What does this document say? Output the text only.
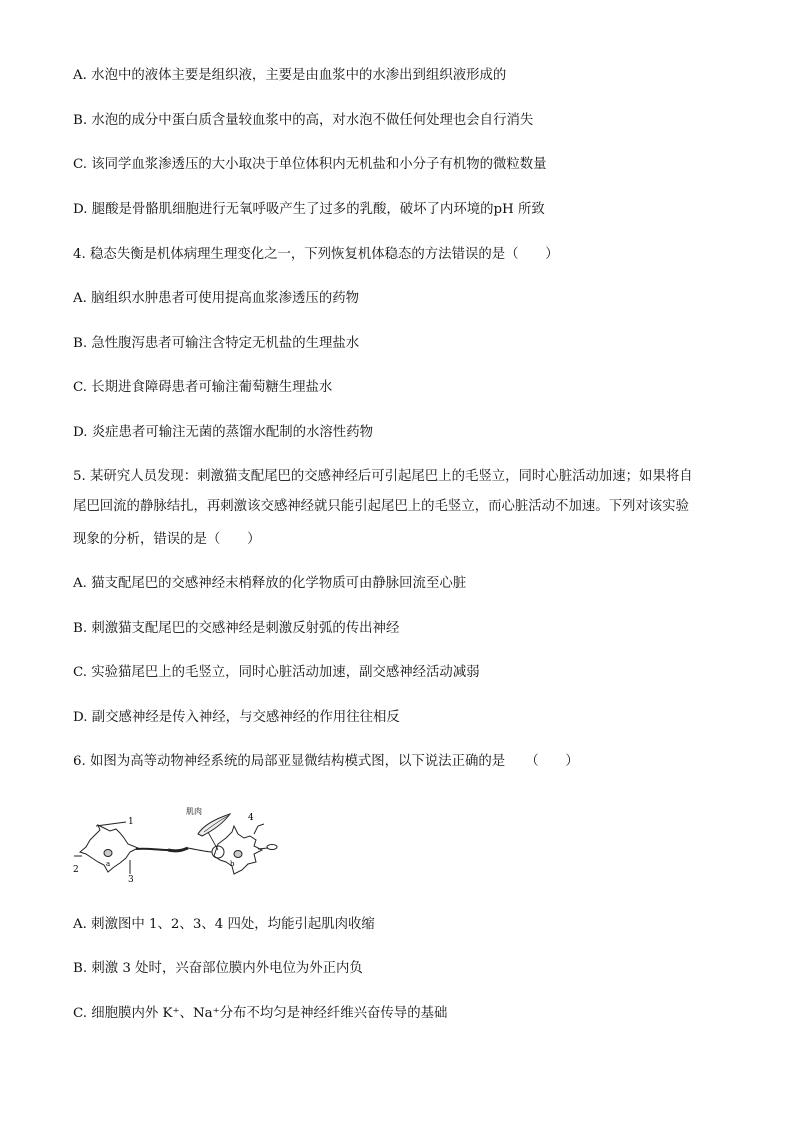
A. 水泡中的液体主要是组织液，主要是由血浆中的水渗出到组织液形成的
B. 水泡的成分中蛋白质含量较血浆中的高，对水泡不做任何处理也会自行消失
C. 该同学血浆渗透压的大小取决于单位体积内无机盐和小分子有机物的微粒数量
D. 腿酸是骨骼肌细胞进行无氧呼吸产生了过多的乳酸，破坏了内环境的pH 所致
4. 稳态失衡是机体病理生理变化之一，下列恢复机体稳态的方法错误的是（　　）
A. 脑组织水肿患者可使用提高血浆渗透压的药物
B. 急性腹泻患者可输注含特定无机盐的生理盐水
C. 长期进食障碍患者可输注葡萄糖生理盐水
D. 炎症患者可输注无菌的蒸馏水配制的水溶性药物
5. 某研究人员发现：刺激猫支配尾巴的交感神经后可引起尾巴上的毛竖立，同时心脏活动加速；如果将自
尾巴回流的静脉结扎，再刺激该交感神经就只能引起尾巴上的毛竖立，而心脏活动不加速。下列对该实验
现象的分析，错误的是（　　）
A. 猫支配尾巴的交感神经末梢释放的化学物质可由静脉回流至心脏
B. 刺激猫支配尾巴的交感神经是刺激反射弧的传出神经
C. 实验猫尾巴上的毛竖立，同时心脏活动加速，副交感神经活动减弱
D. 副交感神经是传入神经，与交感神经的作用往往相反
6. 如图为高等动物神经系统的局部亚显微结构模式图，以下说法正确的是　　（　　）
肌肉
1
2
3
4
a	b
A. 刺激图中 1、2、3、4 四处，均能引起肌肉收缩
B. 刺激 3 处时，兴奋部位膜内外电位为外正内负
C. 细胞膜内外 K⁺、Na⁺分布不均匀是神经纤维兴奋传导的基础
